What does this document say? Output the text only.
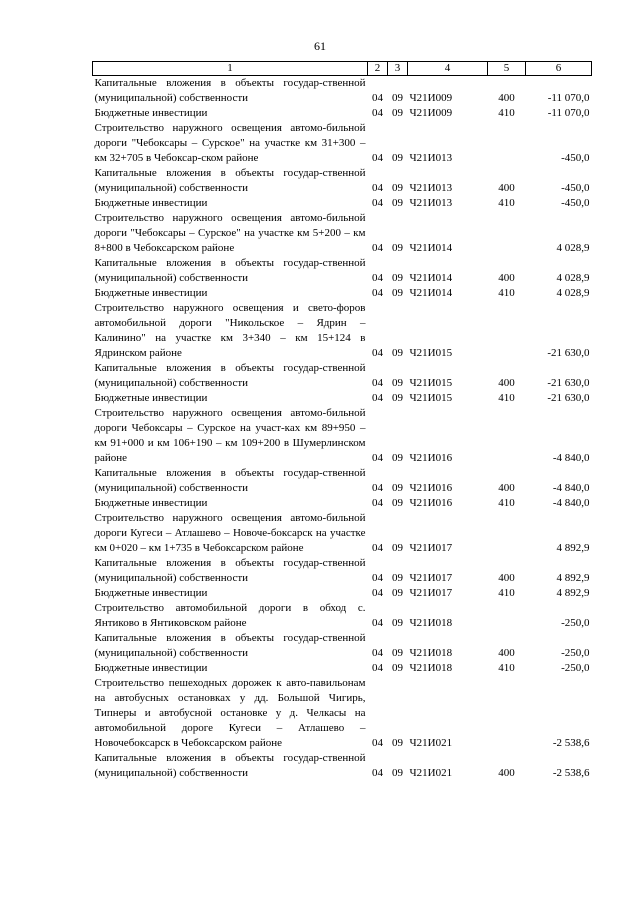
61
1	2	3	4	5	6
Капитальные вложения в объекты государ-ственной (муниципальной) собственности	04	09	Ч21И009	400	-11 070,0
Бюджетные инвестиции	04	09	Ч21И009	410	-11 070,0
Строительство наружного освещения автомо-бильной дороги "Чебоксары – Сурское" на участке км 31+300 – км 32+705 в Чебоксар-ском районе	04	09	Ч21И013		-450,0
Капитальные вложения в объекты государ-ственной (муниципальной) собственности	04	09	Ч21И013	400	-450,0
Бюджетные инвестиции	04	09	Ч21И013	410	-450,0
Строительство наружного освещения автомо-бильной дороги "Чебоксары – Сурское" на участке км 5+200 – км 8+800 в Чебоксарском районе	04	09	Ч21И014		4 028,9
Капитальные вложения в объекты государ-ственной (муниципальной) собственности	04	09	Ч21И014	400	4 028,9
Бюджетные инвестиции	04	09	Ч21И014	410	4 028,9
Строительство наружного освещения и свето-форов автомобильной дороги "Никольское – Ядрин – Калинино" на участке км 3+340 – км 15+124 в Ядринском районе	04	09	Ч21И015		-21 630,0
Капитальные вложения в объекты государ-ственной (муниципальной) собственности	04	09	Ч21И015	400	-21 630,0
Бюджетные инвестиции	04	09	Ч21И015	410	-21 630,0
Строительство наружного освещения автомо-бильной дороги Чебоксары – Сурское на участ-ках км 89+950 – км 91+000 и км 106+190 – км 109+200 в Шумерлинском районе	04	09	Ч21И016		-4 840,0
Капитальные вложения в объекты государ-ственной (муниципальной) собственности	04	09	Ч21И016	400	-4 840,0
Бюджетные инвестиции	04	09	Ч21И016	410	-4 840,0
Строительство наружного освещения автомо-бильной дороги Кугеси – Атлашево – Новоче-боксарск на участке км 0+020 – км 1+735 в Чебоксарском районе	04	09	Ч21И017		4 892,9
Капитальные вложения в объекты государ-ственной (муниципальной) собственности	04	09	Ч21И017	400	4 892,9
Бюджетные инвестиции	04	09	Ч21И017	410	4 892,9
Строительство автомобильной дороги в обход с. Янтиково в Янтиковском районе	04	09	Ч21И018		-250,0
Капитальные вложения в объекты государ-ственной (муниципальной) собственности	04	09	Ч21И018	400	-250,0
Бюджетные инвестиции	04	09	Ч21И018	410	-250,0
Строительство пешеходных дорожек к авто-павильонам на автобусных остановках у дд. Большой Чигирь, Типнеры и автобусной остановке у д. Челкасы на автомобильной дороге Кугеси – Атлашево – Новочебоксарск в Чебоксарском районе	04	09	Ч21И021		-2 538,6
Капитальные вложения в объекты государ-ственной (муниципальной) собственности	04	09	Ч21И021	400	-2 538,6
